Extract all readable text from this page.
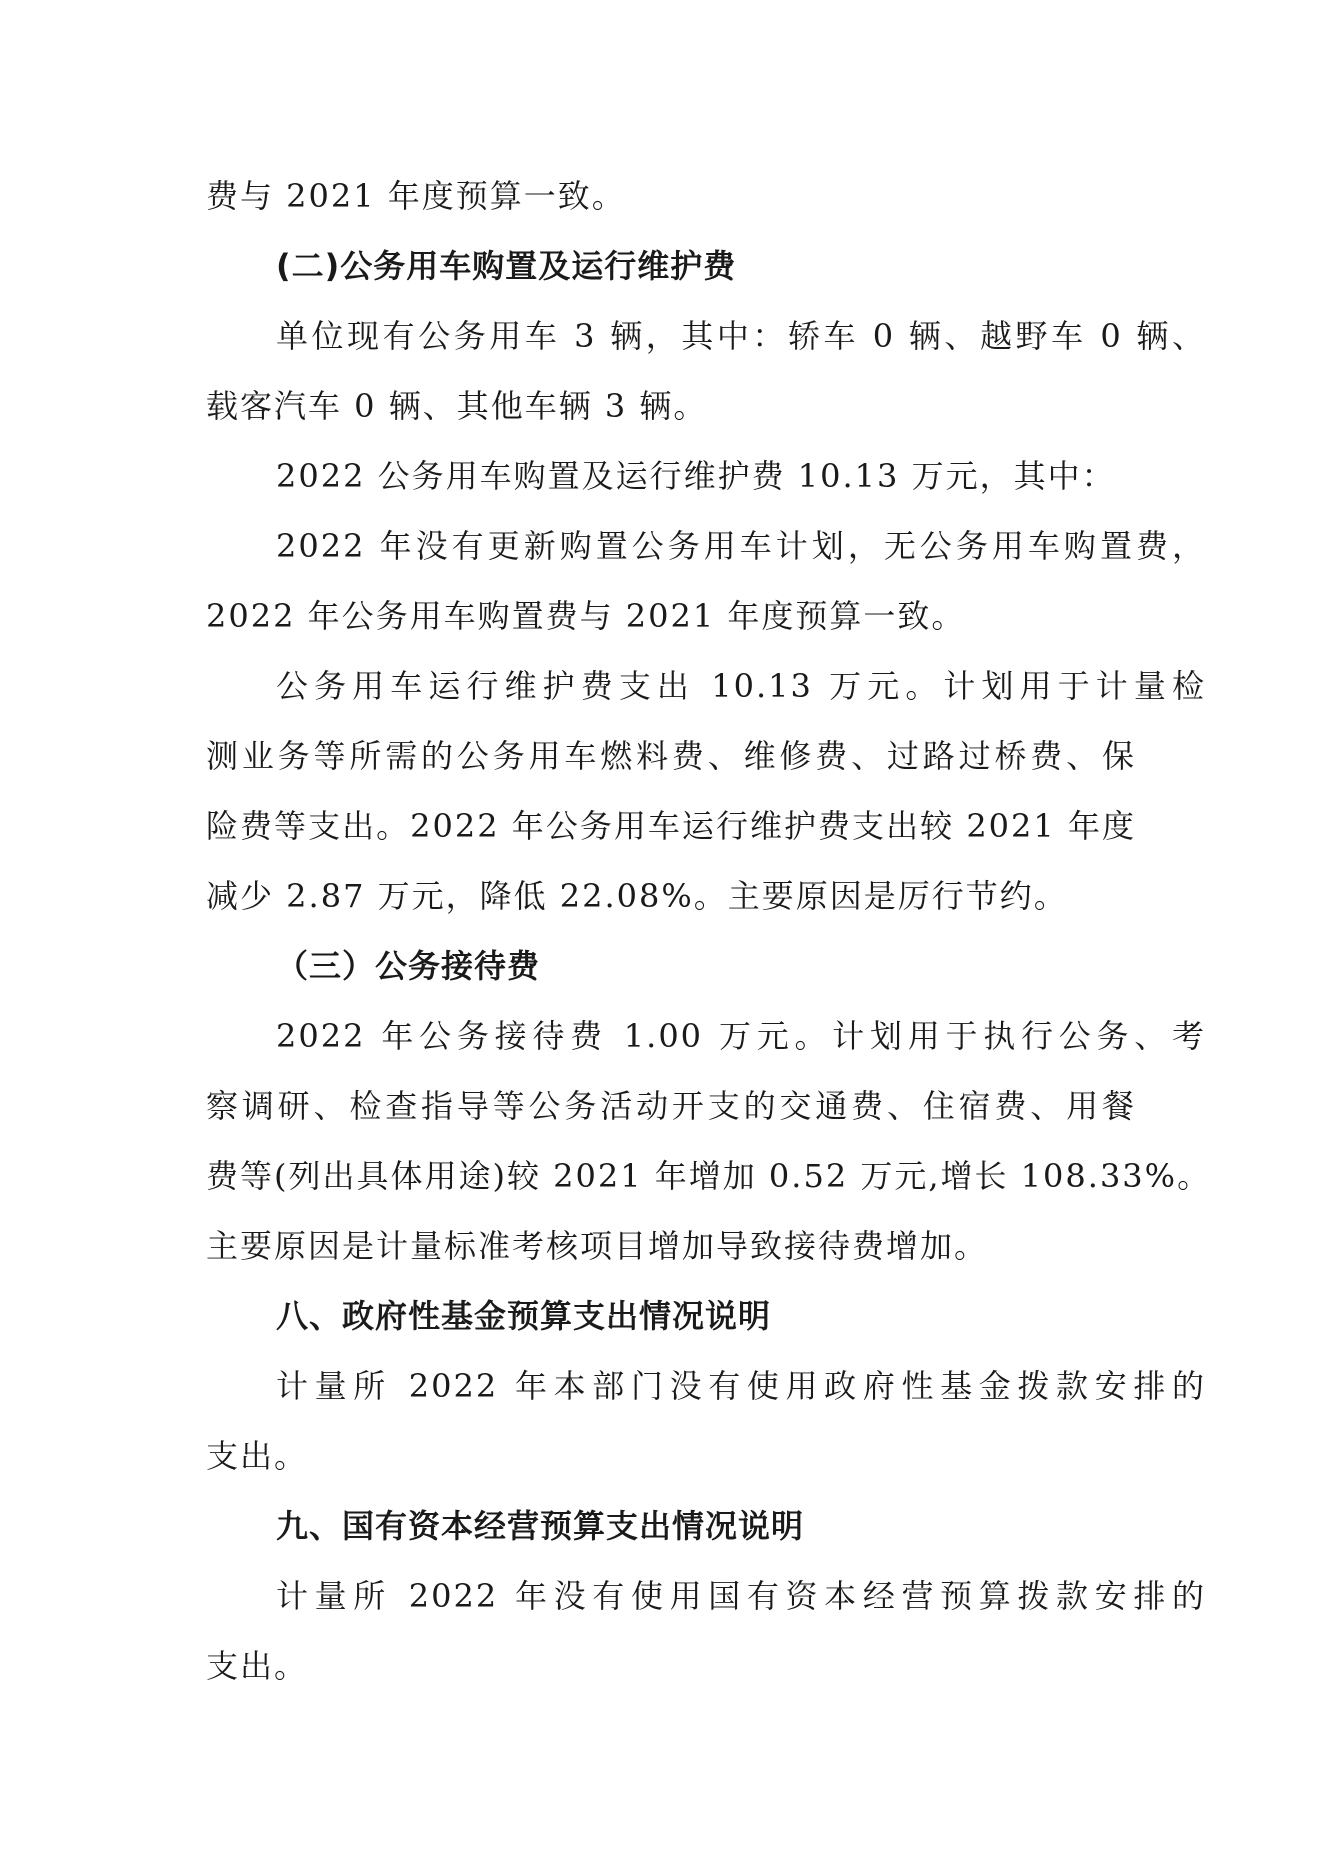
费与 2021 年度预算一致。
(二)公务用车购置及运行维护费
单位现有公务用车 3 辆，其中：轿车 0 辆、越野车 0 辆、
载客汽车 0 辆、其他车辆 3 辆。
2022 公务用车购置及运行维护费 10.13 万元，其中：
2022 年没有更新购置公务用车计划，无公务用车购置费，
2022 年公务用车购置费与 2021 年度预算一致。
公务用车运行维护费支出 10.13 万元。计划用于计量检
测业务等所需的公务用车燃料费、维修费、过路过桥费、保
险费等支出。2022 年公务用车运行维护费支出较 2021 年度
减少 2.87 万元，降低 22.08%。主要原因是厉行节约。
（三）公务接待费
2022 年公务接待费 1.00 万元。计划用于执行公务、考
察调研、检查指导等公务活动开支的交通费、住宿费、用餐
费等(列出具体用途)较 2021 年增加 0.52 万元,增长 108.33%。
主要原因是计量标准考核项目增加导致接待费增加。
八、政府性基金预算支出情况说明
计量所 2022 年本部门没有使用政府性基金拨款安排的
支出。
九、国有资本经营预算支出情况说明
计量所 2022 年没有使用国有资本经营预算拨款安排的
支出。
